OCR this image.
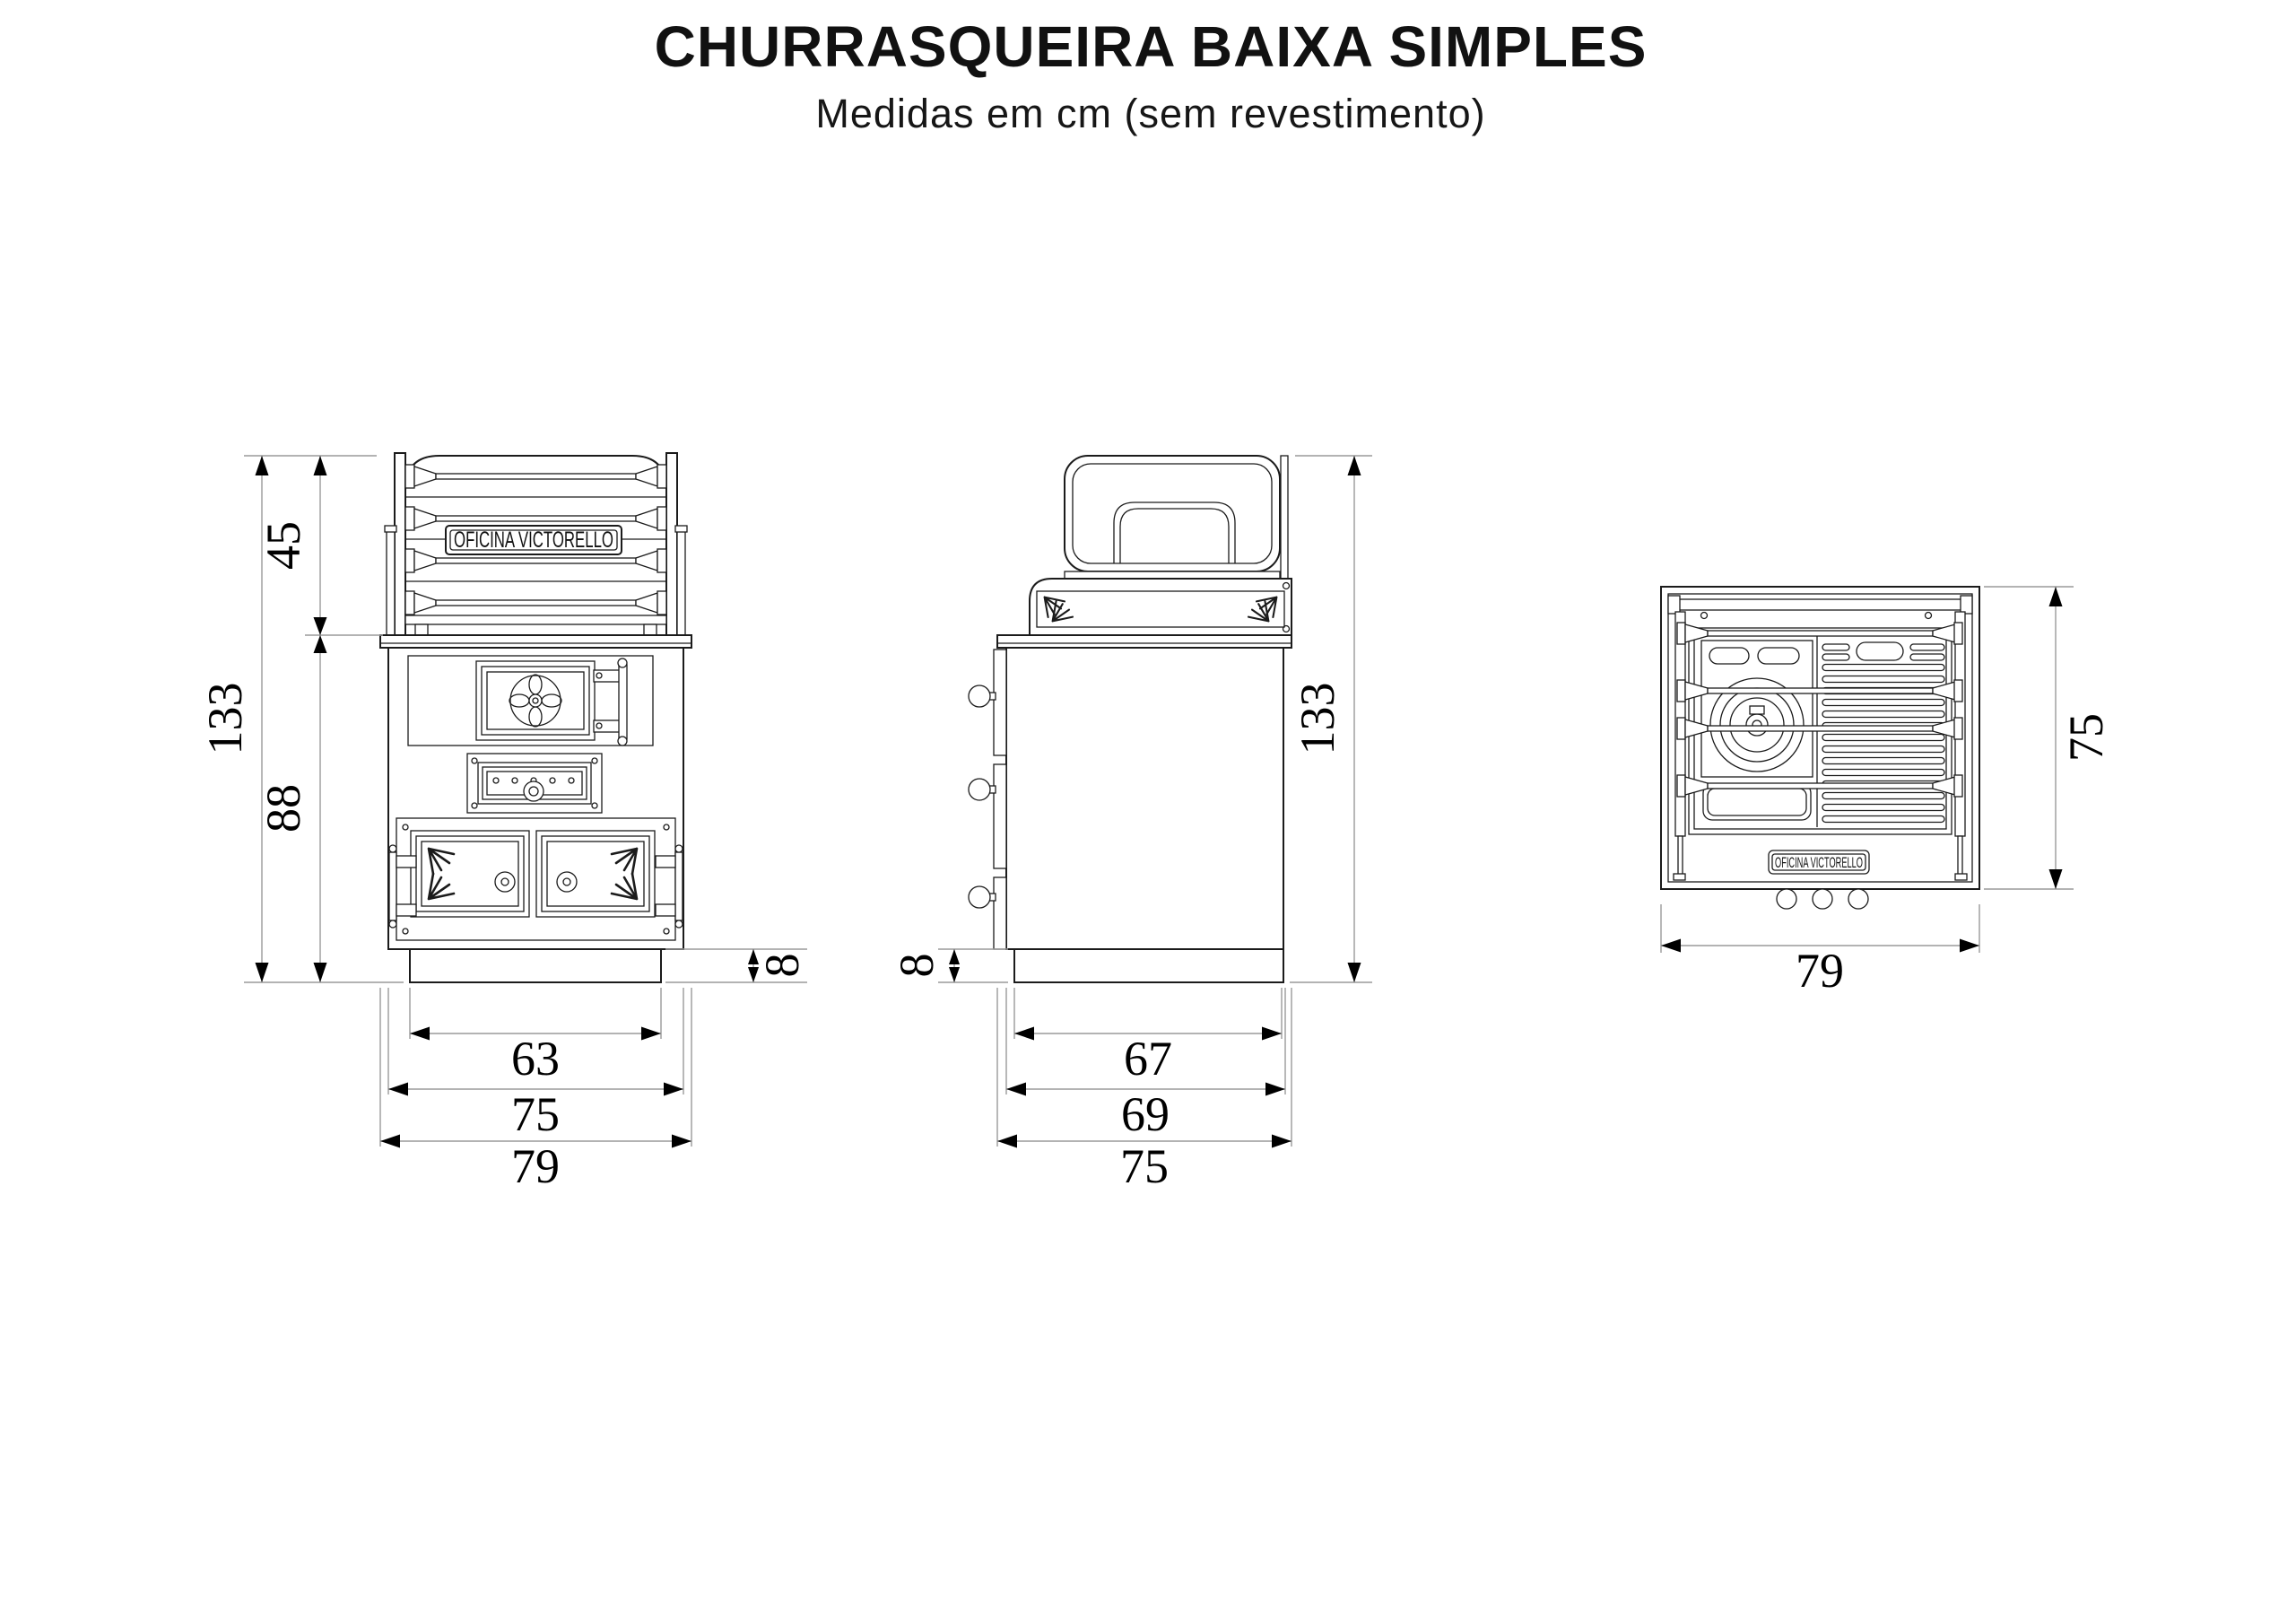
CHURRASQUEIRA BAIXA SIMPLES
Medidas em cm (sem revestimento)
OFICINA VICTORELLO
45
133
88
8
63
75
79
133
8
67
69
75
OFICINA VICTORELLO
75
79
